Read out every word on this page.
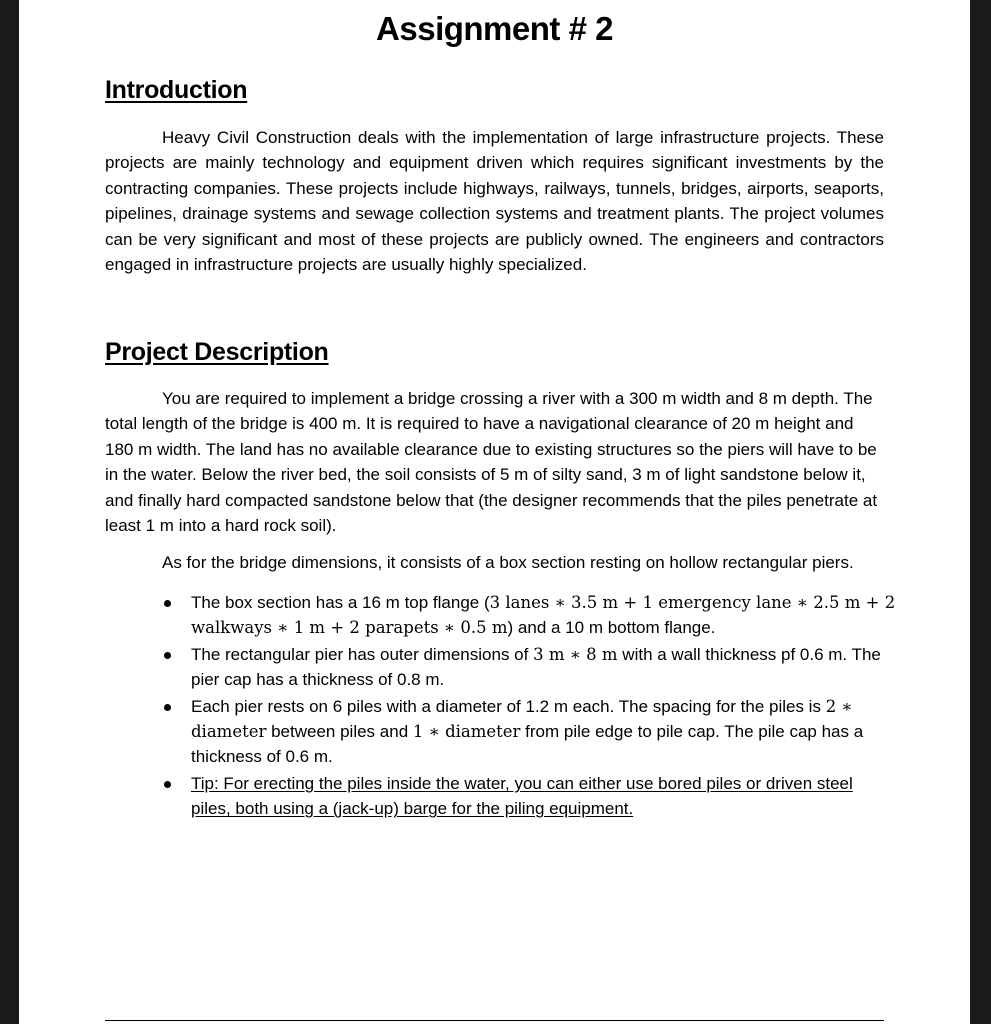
Assignment # 2
Introduction
Heavy Civil Construction deals with the implementation of large infrastructure projects. These projects are mainly technology and equipment driven which requires significant investments by the contracting companies. These projects include highways, railways, tunnels, bridges, airports, seaports, pipelines, drainage systems and sewage collection systems and treatment plants. The project volumes can be very significant and most of these projects are publicly owned. The engineers and contractors engaged in infrastructure projects are usually highly specialized.
Project Description
You are required to implement a bridge crossing a river with a 300 m width and 8 m depth. The total length of the bridge is 400 m. It is required to have a navigational clearance of 20 m height and 180 m width. The land has no available clearance due to existing structures so the piers will have to be in the water. Below the river bed, the soil consists of 5 m of silty sand, 3 m of light sandstone below it, and finally hard compacted sandstone below that (the designer recommends that the piles penetrate at least 1 m into a hard rock soil).
As for the bridge dimensions, it consists of a box section resting on hollow rectangular piers.
The box section has a 16 m top flange (3 lanes ∗ 3.5 m + 1 emergency lane ∗ 2.5 m + 2 walkways ∗ 1 m + 2 parapets ∗ 0.5 m) and a 10 m bottom flange.
The rectangular pier has outer dimensions of 3 m ∗ 8 m with a wall thickness pf 0.6 m. The pier cap has a thickness of 0.8 m.
Each pier rests on 6 piles with a diameter of 1.2 m each. The spacing for the piles is 2 ∗ diameter between piles and 1 ∗ diameter from pile edge to pile cap. The pile cap has a thickness of 0.6 m.
Tip: For erecting the piles inside the water, you can either use bored piles or driven steel piles, both using a (jack-up) barge for the piling equipment.
